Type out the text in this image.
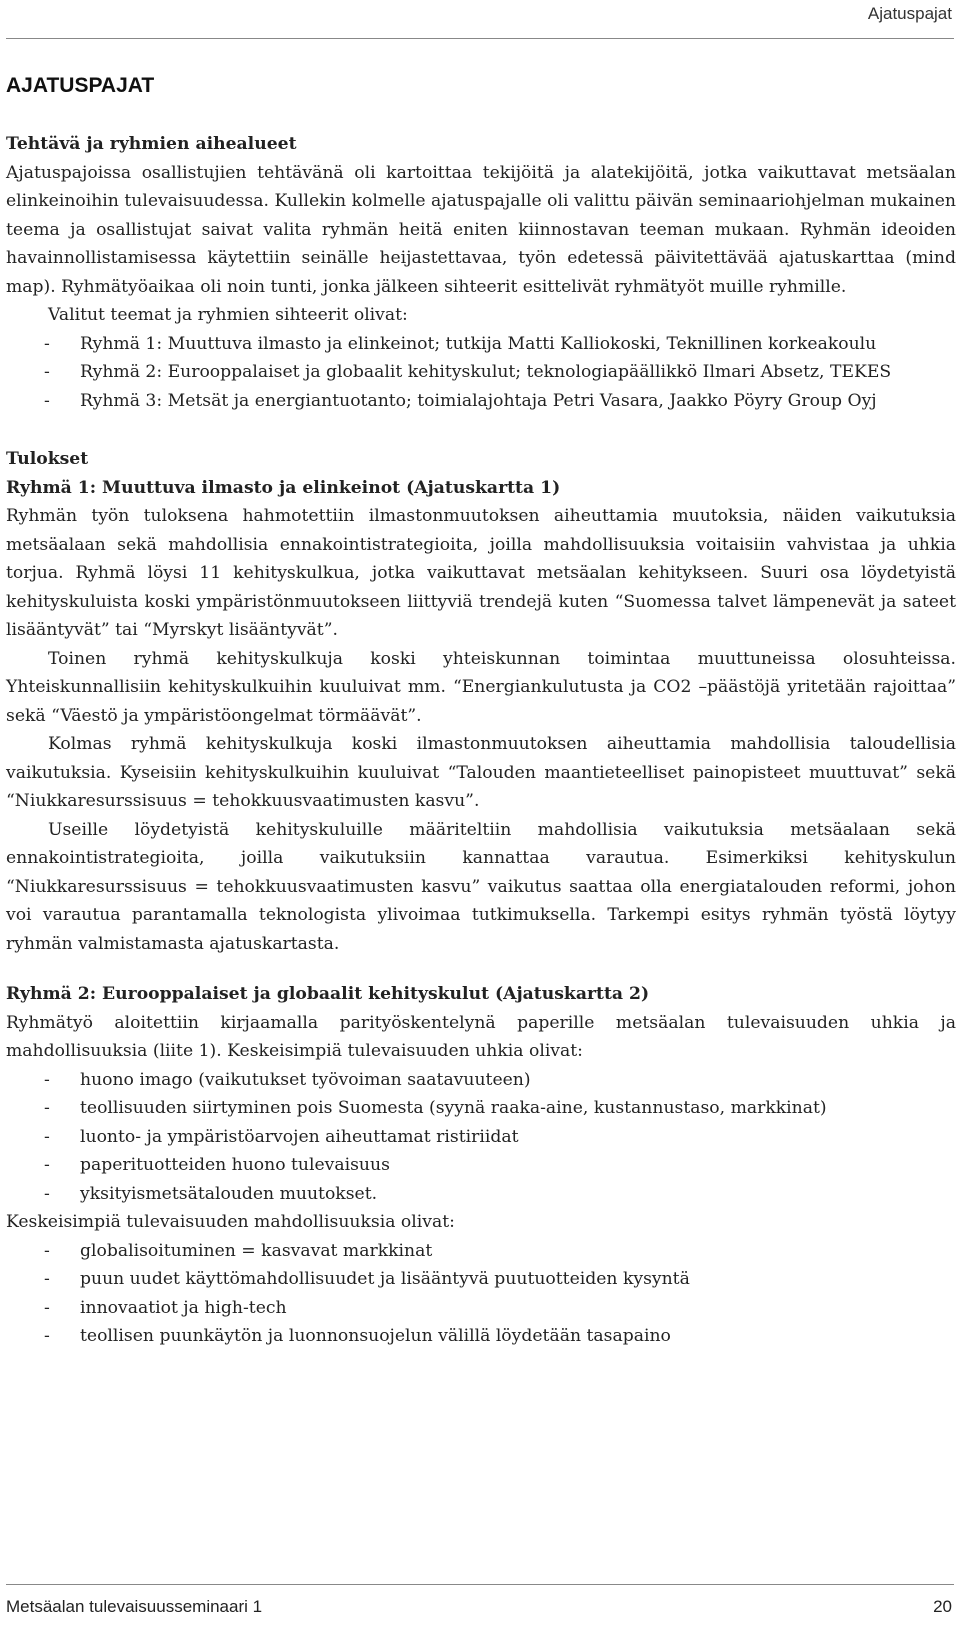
Ajatuspajat
AJATUSPAJAT

Tehtävä ja ryhmien aihealueet

Ajatuspajoissa osallistujien tehtävänä oli kartoittaa tekijöitä ja alatekijöitä, jotka vaikuttavat metsäalan elinkeinoihin tulevaisuudessa. Kullekin kolmelle ajatuspajalle oli valittu päivän seminaariohjelman mukainen teema ja osallistujat saivat valita ryhmän heitä eniten kiinnostavan teeman mukaan. Ryhmän ideoiden havainnollistamisessa käytettiin seinälle heijastettavaa, työn edetessä päivitettävää ajatuskarttaa (mind map). Ryhmätyöaikaa oli noin tunti, jonka jälkeen sihteerit esittelivät ryhmätyöt muille ryhmille.

Valitut teemat ja ryhmien sihteerit olivat:

- Ryhmä 1: Muuttuva ilmasto ja elinkeinot; tutkija Matti Kalliokoski, Teknillinen korkeakoulu
- Ryhmä 2: Eurooppalaiset ja globaalit kehityskulut; teknologiapäällikkö Ilmari Absetz, TEKES
- Ryhmä 3: Metsät ja energiantuotanto; toimialajohtaja Petri Vasara, Jaakko Pöyry Group Oyj

Tulokset

Ryhmä 1: Muuttuva ilmasto ja elinkeinot (Ajatuskartta 1)

Ryhmän työn tuloksena hahmotettiin ilmastonmuutoksen aiheuttamia muutoksia, näiden vaikutuksia metsäalaan sekä mahdollisia ennakointistrategioita, joilla mahdollisuuksia voitaisiin vahvistaa ja uhkia torjua. Ryhmä löysi 11 kehityskulkua, jotka vaikuttavat metsäalan kehitykseen. Suuri osa löydetyistä kehityskuluista koski ympäristönmuutokseen liittyviä trendejä kuten “Suomessa talvet lämpenevät ja sateet lisääntyvät” tai “Myrskyt lisääntyvät”.

Toinen ryhmä kehityskulkuja koski yhteiskunnan toimintaa muuttuneissa olosuhteissa. Yhteiskunnallisiin kehityskulkuihin kuuluivat mm. “Energiankulutusta ja CO2 –päästöjä yritetään rajoittaa” sekä “Väestö ja ympäristöongelmat törmäävät”.

Kolmas ryhmä kehityskulkuja koski ilmastonmuutoksen aiheuttamia mahdollisia taloudellisia vaikutuksia. Kyseisiin kehityskulkuihin kuuluivat “Talouden maantieteelliset painopisteet muuttuvat” sekä “Niukkaresurssisuus = tehokkuusvaatimusten kasvu”.

Useille löydetyistä kehityskuluille määriteltiin mahdollisia vaikutuksia metsäalaan sekä ennakointistrategioita, joilla vaikutuksiin kannattaa varautua. Esimerkiksi kehityskulun “Niukkaresurssisuus = tehokkuusvaatimusten kasvu” vaikutus saattaa olla energiatalouden reformi, johon voi varautua parantamalla teknologista ylivoimaa tutkimuksella. Tarkempi esitys ryhmän työstä löytyy ryhmän valmistamasta ajatuskartasta.

Ryhmä 2: Eurooppalaiset ja globaalit kehityskulut (Ajatuskartta 2)

Ryhmätyö aloitettiin kirjaamalla parityöskentelynä paperille metsäalan tulevaisuuden uhkia ja mahdollisuuksia (liite 1). Keskeisimpiä tulevaisuuden uhkia olivat:

- huono imago (vaikutukset työvoiman saatavuuteen)
- teollisuuden siirtyminen pois Suomesta (syynä raaka-aine, kustannustaso, markkinat)
- luonto- ja ympäristöarvojen aiheuttamat ristiriidat
- paperituotteiden huono tulevaisuus
- yksityismetsätalouden muutokset.

Keskeisimpiä tulevaisuuden mahdollisuuksia olivat:

- globalisoituminen = kasvavat markkinat
- puun uudet käyttömahdollisuudet ja lisääntyvä puutuotteiden kysyntä
- innovaatiot ja high-tech
- teollisen puunkäytön ja luonnonsuojelun välillä löydetään tasapaino
Metsäalan tulevaisuusseminaari 1	20
